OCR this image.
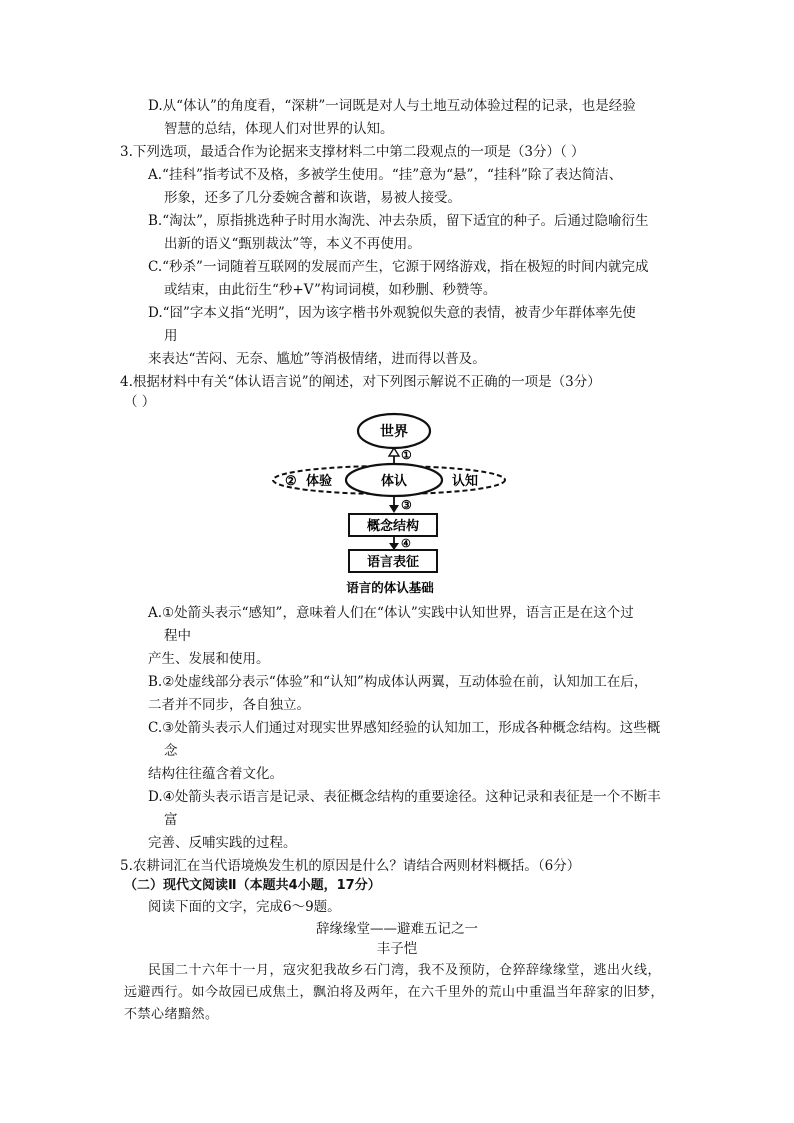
D.从“体认”的角度看，“深耕”一词既是对人与土地互动体验过程的记录，也是经验
智慧的总结，体现人们对世界的认知。
3.下列选项，最适合作为论据来支撑材料二中第二段观点的一项是（3分）（ ）
A.“挂科”指考试不及格，多被学生使用。“挂”意为“悬”，“挂科”除了表达简洁、
形象，还多了几分委婉含蓄和诙谐，易被人接受。
B.“淘汰”，原指挑选种子时用水淘洗、冲去杂质，留下适宜的种子。后通过隐喻衍生
出新的语义“甄别裁汰”等，本义不再使用。
C.“秒杀”一词随着互联网的发展而产生，它源于网络游戏，指在极短的时间内就完成
或结束，由此衍生“秒+V”构词词模，如秒删、秒赞等。
D.“囧”字本义指“光明”，因为该字楷书外观貌似失意的表情，被青少年群体率先使
用
来表达“苦闷、无奈、尴尬”等消极情绪，进而得以普及。
4.根据材料中有关“体认语言说”的阐述，对下列图示解说不正确的一项是（3分）
（ ）
世界
①
② 体验	体认	认知
③
概念结构
④
语言表征
语言的体认基础
A.①处箭头表示“感知”，意味着人们在“体认”实践中认知世界，语言正是在这个过
程中
产生、发展和使用。
B.②处虚线部分表示“体验”和“认知”构成体认两翼，互动体验在前，认知加工在后，
二者并不同步，各自独立。
C.③处箭头表示人们通过对现实世界感知经验的认知加工，形成各种概念结构。这些概
念
结构往往蕴含着文化。
D.④处箭头表示语言是记录、表征概念结构的重要途径。这种记录和表征是一个不断丰
富
完善、反哺实践的过程。
5.农耕词汇在当代语境焕发生机的原因是什么？请结合两则材料概括。（6分）
（二）现代文阅读Ⅱ（本题共4小题，17分）
阅读下面的文字，完成6～9题。
辞缘缘堂——避难五记之一
丰子恺
民国二十六年十一月，寇灾犯我故乡石门湾，我不及预防，仓猝辞缘缘堂，逃出火线，
远避西行。如今故园已成焦土，飘泊将及两年，在六千里外的荒山中重温当年辞家的旧梦，
不禁心绪黯然。
